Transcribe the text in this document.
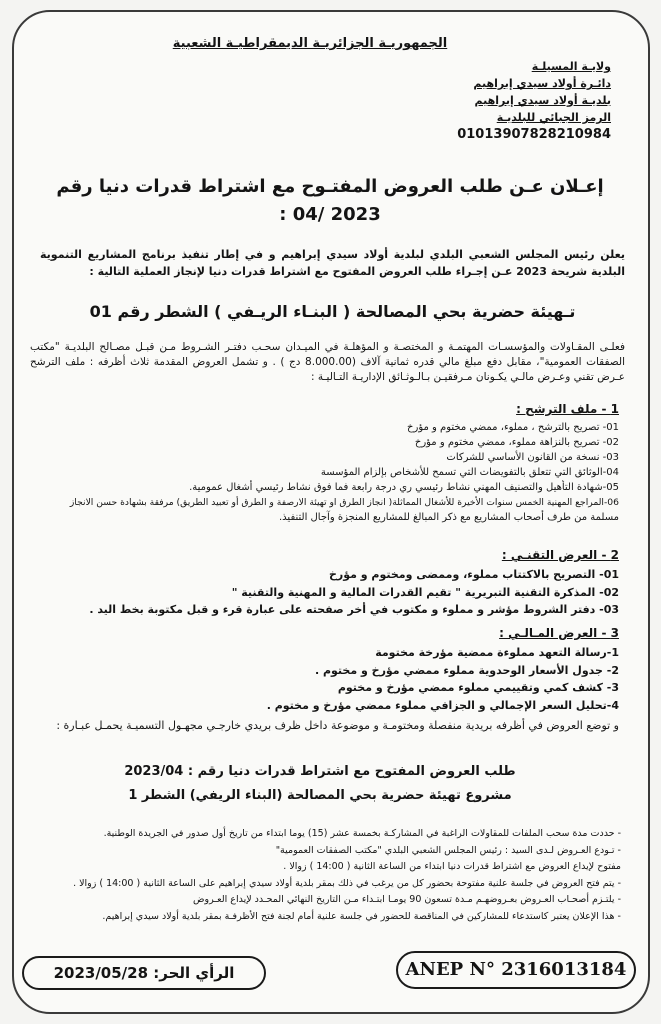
الجمهوريـة الجزائريـة الديمقراطيـة الشعبية
ولايـة المسيلـة
دائـرة أولاد سيدي إبراهيم
بلديـة أولاد سيدي إبراهيم
الرمز الجبائي للبلديـة
01013907828210984
إعـلان عـن طلب العروض المفتـوح مع اشتراط قدرات دنيا رقم
2023 /04 :
يعلن رئيس المجلس الشعبي البلدي لبلدية أولاد سيدي إبراهيم و في إطار تنفيذ برنامج المشاريع التنموية البلدية شريحة 2023 عـن إجـراء طلب العروض المفتوح مع اشتراط قدرات دنيا لإنجاز العملية التالية :
تـهيئة حضرية بحي المصالحة ( البنـاء الريـفي ) الشطر رقم 01
فعلـى المقـاولات والمؤسسـات المهتمـة و المختصـة و المؤهلـة في الميـدان سحـب دفتـر الشـروط مـن قبـل مصـالح البلديـة "مكتب الصفقات العمومية"، مقابل دفع مبلغ مالي قدره ثمانية آلاف (8.000.00 دج ) . و تشمل العروض المقدمة ثلاث أظرفه : ملف الترشح عـرض تقني وعـرض مالـي يكـونان مـرفقيـن بـالـوثـائق الإداريـة التـاليـة :
1 - ملف الترشح :
01- تصريح بالترشح ، مملوء، ممضي مختوم و مؤرخ
02- تصريح بالنزاهة مملوء، ممضي مختوم و مؤرخ
03- نسخة من القانون الأساسي للشركات
04-الوثائق التي تتعلق بالتفويضات التي تسمح للأشخاص بإلزام المؤسسة
05-شهادة التأهيل والتصنيف المهني نشاط رئيسي ري درجة رابعة فما فوق نشاط رئيسي أشغال عمومية.
06-المراجع المهنية الخمس سنوات الأخيرة للأشغال المماثلة( انجاز الطرق او تهيئة الارصفة و الطرق أو تعبيد الطريق) مرفقة بشهادة حسن الانجاز
مسلمة من طرف أصحاب المشاريع مع ذكر المبالغ للمشاريع المنجزة وآجال التنفيذ.
2 - العرض التقنـي :
01- التصريح بالاكتتاب مملوء، وممضى ومختوم و مؤرخ
02- المذكرة التقنية التبريرية " تقيم القدرات المالية و المهنية والتقنية "
03- دفتر الشروط مؤشر و مملوء و مكتوب في أخر صفحته على عبارة قرء و قبل مكتوبة بخط اليد .
3 - العرض المـالـي :
1-رسالة التعهد مملوءة ممضية مؤرخة مختومة
2- جدول الأسعار الوحدوية مملوء ممضي مؤرخ و مختوم .
3- كشف كمي وتقييمي مملوء ممضي مؤرخ و مختوم
4-تحليل السعر الإجمالي و الجزافي مملوء ممضي مؤرخ و مختوم .
و توضع العروض في أظرفه بريدية منفصلة ومختومـة و موضوعة داخل ظرف بريدي خارجـي مجهـول التسميـة يحمـل عبـارة :
طلب العروض المفتوح مع اشتراط قدرات دنيا رقم : 2023/04
مشروع تهيئة حضرية بحي المصالحة (البناء الريفي) الشطر 1
- حددت مدة سحب الملفات للمقاولات الراغبة في المشاركـة بخمسة عشر (15) يوما ابتداء من تاريخ أول صدور في الجريدة الوطنية.
- تـودع العـروض لـدى السيد : رئيس المجلس الشعبي البلدي "مكتب الصفقات العمومية"
مفتوح لإيداع العروض مع اشتراط قدرات دنيا ابتداء من الساعة الثانية ( 14:00 ) زوالا .
- يتم فتح العروض في جلسة علنية مفتوحة بحضور كل من يرغب في ذلك بمقر بلدية أولاد سيدي إبراهيم على الساعة الثانية ( 14:00 ) زوالا .
- يلتـزم أصحـاب العـروض بعـروضهـم مـدة تسعون 90 يومـا ابتـداء مـن التاريخ النهائي المحـدد لإيداع العـروض
- هذا الإعلان يعتبر كاستدعاء للمشاركين في المناقصة للحضور في جلسة علنية أمام لجنة فتح الأظرفـة بمقر بلدية أولاد سيدي إبراهيم.
ANEP N° 2316013184
الرأي الحر: 2023/05/28
